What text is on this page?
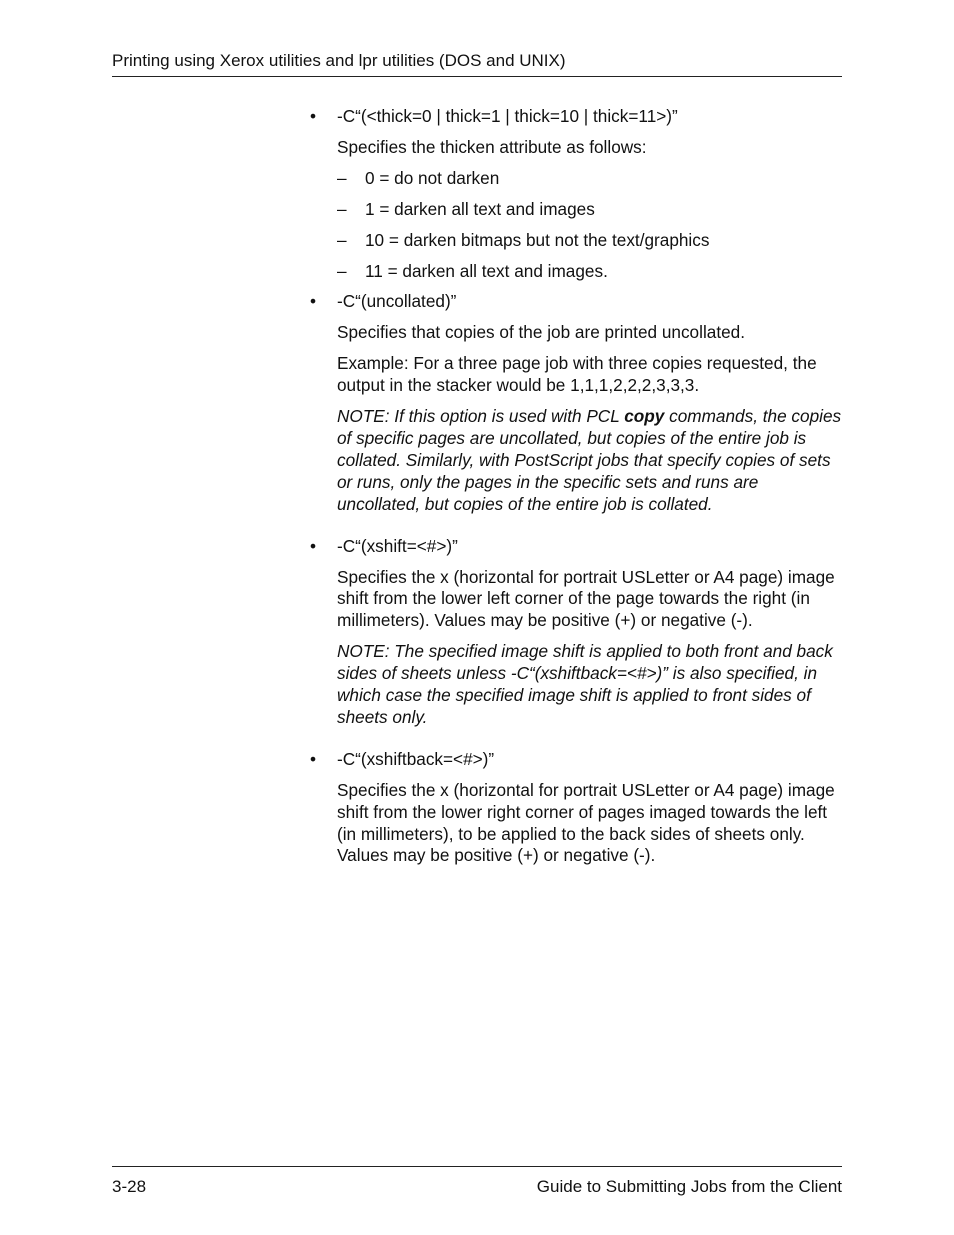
Printing using Xerox utilities and lpr utilities (DOS and UNIX)
• -C“(<thick=0 | thick=1 | thick=10 | thick=11>)”
Specifies the thicken attribute as follows:
– 0 = do not darken
– 1 = darken all text and images
– 10 = darken bitmaps but not the text/graphics
– 11 = darken all text and images.
• -C“(uncollated)”
Specifies that copies of the job are printed uncollated.
Example: For a three page job with three copies requested, the output in the stacker would be 1,1,1,2,2,2,3,3,3.
NOTE: If this option is used with PCL copy commands, the copies of specific pages are uncollated, but copies of the entire job is collated. Similarly, with PostScript jobs that specify copies of sets or runs, only the pages in the specific sets and runs are uncollated, but copies of the entire job is collated.
• -C“(xshift=<#>)”
Specifies the x (horizontal for portrait USLetter or A4 page) image shift from the lower left corner of the page towards the right (in millimeters). Values may be positive (+) or negative (-).
NOTE: The specified image shift is applied to both front and back sides of sheets unless -C“(xshiftback=<#>)” is also specified, in which case the specified image shift is applied to front sides of sheets only.
• -C“(xshiftback=<#>)”
Specifies the x (horizontal for portrait USLetter or A4 page) image shift from the lower right corner of pages imaged towards the left (in millimeters), to be applied to the back sides of sheets only. Values may be positive (+) or negative (-).
3-28	Guide to Submitting Jobs from the Client
